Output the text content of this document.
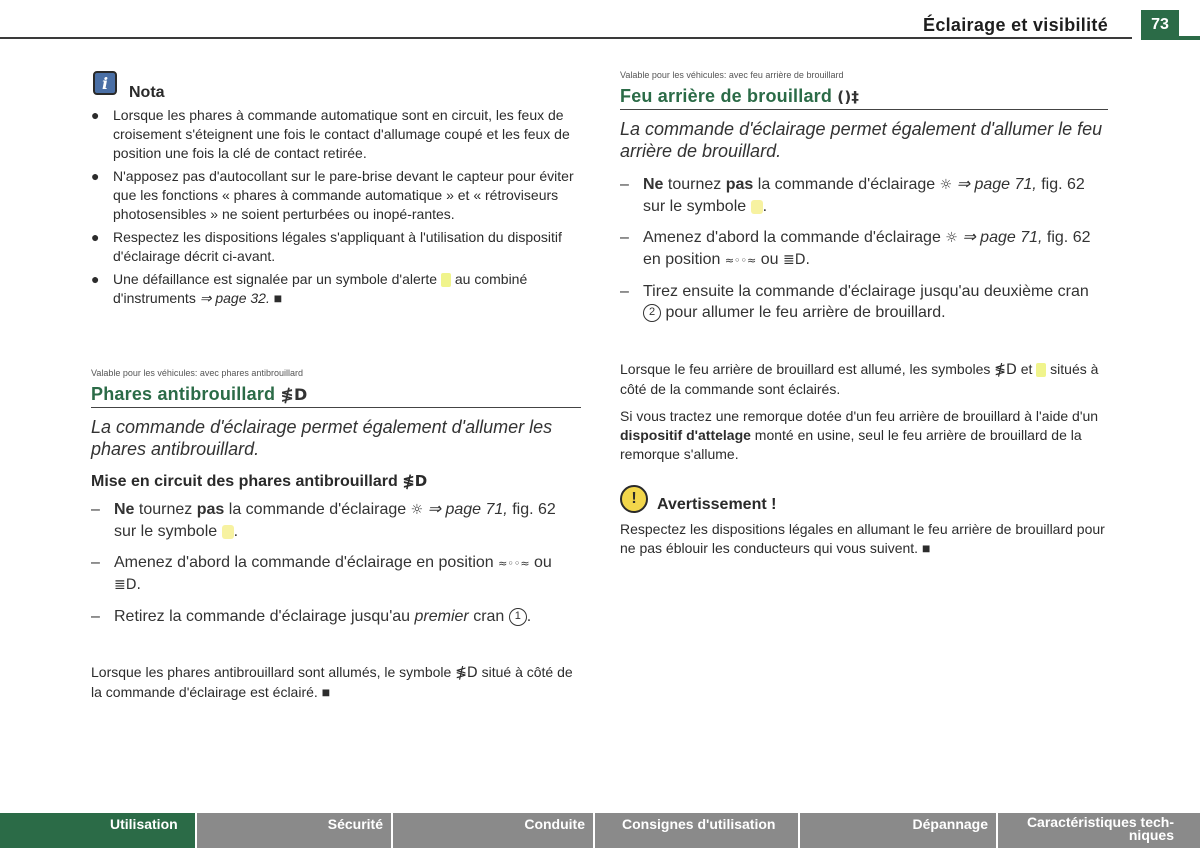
Éclairage et visibilité	73
i	Nota
● Lorsque les phares à commande automatique sont en circuit, les feux de croisement s'éteignent une fois le contact d'allumage coupé et les feux de position une fois la clé de contact retirée.
● N'apposez pas d'autocollant sur le pare-brise devant le capteur pour éviter que les fonctions « phares à commande automatique » et « rétroviseurs photosensibles » ne soient perturbées ou inopé-rantes.
● Respectez les dispositions légales s'appliquant à l'utilisation du dispositif d'éclairage décrit ci-avant.
● Une défaillance est signalée par un symbole d'alerte au combiné d'instruments ⇒ page 32. ■
Valable pour les véhicules: avec phares antibrouillard
Phares antibrouillard ≸D
La commande d'éclairage permet également d'allumer les phares antibrouillard.
Mise en circuit des phares antibrouillard ≸D
– Ne tournez pas la commande d'éclairage ☼ ⇒ page 71, fig. 62 sur le symbole .
– Amenez d'abord la commande d'éclairage en position ≈◦◦≈ ou ≣D.
– Retirez la commande d'éclairage jusqu'au premier cran 1 .
Lorsque les phares antibrouillard sont allumés, le symbole ≸D situé à côté de la commande d'éclairage est éclairé. ■
Valable pour les véhicules: avec feu arrière de brouillard
Feu arrière de brouillard ()‡
La commande d'éclairage permet également d'allumer le feu arrière de brouillard.
– Ne tournez pas la commande d'éclairage ☼ ⇒ page 71, fig. 62 sur le symbole .
– Amenez d'abord la commande d'éclairage ☼ ⇒ page 71, fig. 62 en position ≈◦◦≈ ou ≣D.
– Tirez ensuite la commande d'éclairage jusqu'au deuxième cran 2 pour allumer le feu arrière de brouillard.
Lorsque le feu arrière de brouillard est allumé, les symboles ≸D et situés à côté de la commande sont éclairés.
Si vous tractez une remorque dotée d'un feu arrière de brouillard à l'aide d'un dispositif d'attelage monté en usine, seul le feu arrière de brouillard de la remorque s'allume.
!	Avertissement !
Respectez les dispositions légales en allumant le feu arrière de brouillard pour ne pas éblouir les conducteurs qui vous suivent. ■
Utilisation	Sécurité	Conduite	Consignes d'utilisation	Dépannage	Caractéristiques tech-
niques
